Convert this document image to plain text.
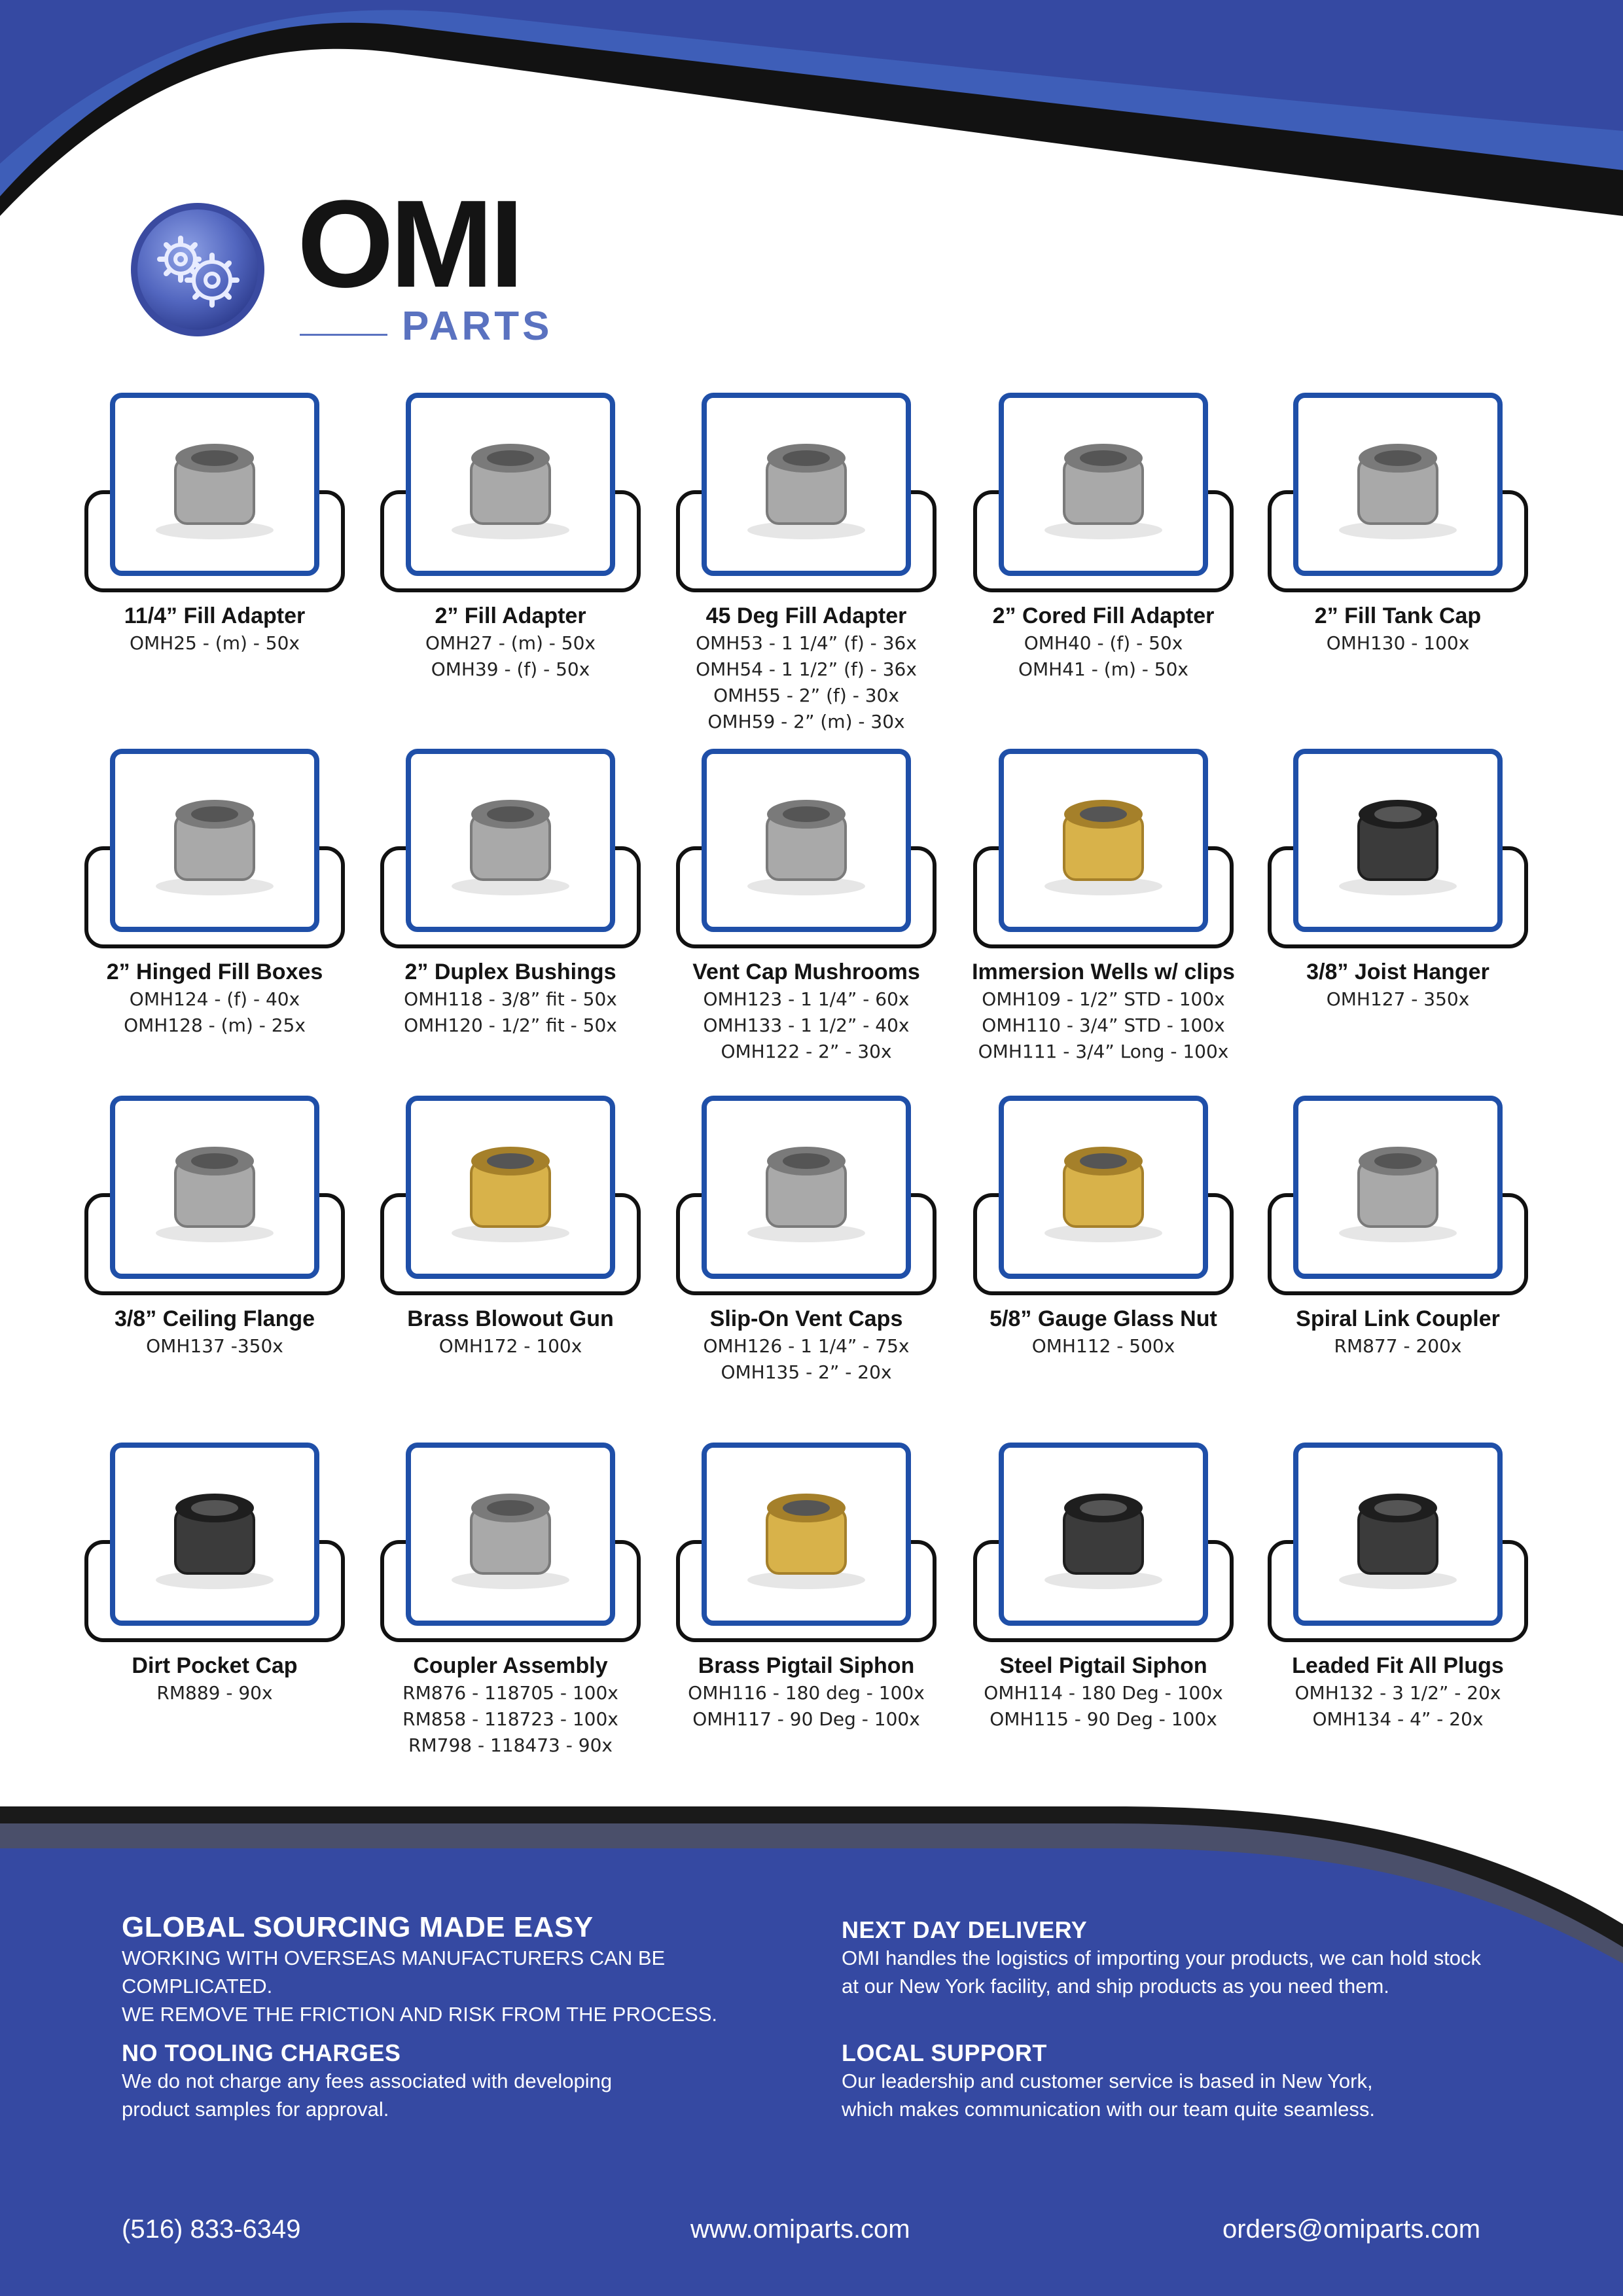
OMI
PARTS
11/4” Fill Adapter
OMH25 - (m) - 50x
2” Fill Adapter
OMH27 - (m) - 50x
OMH39 - (f) - 50x
45 Deg Fill Adapter
OMH53 - 1 1/4” (f) - 36x
OMH54 - 1 1/2” (f) - 36x
OMH55 - 2” (f) - 30x
OMH59 - 2” (m) - 30x
2” Cored Fill Adapter
OMH40 - (f) - 50x
OMH41 - (m) - 50x
2” Fill Tank Cap
OMH130 - 100x
2” Hinged Fill Boxes
OMH124 - (f) - 40x
OMH128 - (m) - 25x
2” Duplex Bushings
OMH118 - 3/8” fit - 50x
OMH120 - 1/2” fit - 50x
Vent Cap Mushrooms
OMH123 - 1 1/4” - 60x
OMH133 - 1 1/2” - 40x
OMH122 - 2” - 30x
Immersion Wells w/ clips
OMH109 - 1/2” STD - 100x
OMH110 - 3/4” STD - 100x
OMH111 - 3/4” Long - 100x
3/8” Joist Hanger
OMH127 - 350x
3/8” Ceiling Flange
OMH137 -350x
Brass Blowout Gun
OMH172 - 100x
Slip-On Vent Caps
OMH126 - 1 1/4” - 75x
OMH135 - 2” - 20x
5/8” Gauge Glass Nut
OMH112 - 500x
Spiral Link Coupler
RM877 - 200x
Dirt Pocket Cap
RM889 - 90x
Coupler Assembly
RM876 - 118705 - 100x
RM858 - 118723 - 100x
RM798 - 118473 - 90x
Brass Pigtail Siphon
OMH116 - 180 deg - 100x
OMH117 - 90 Deg - 100x
Steel Pigtail Siphon
OMH114 - 180 Deg - 100x
OMH115 - 90 Deg - 100x
Leaded Fit All Plugs
OMH132 - 3 1/2” - 20x
OMH134 - 4” - 20x
GLOBAL SOURCING MADE EASY
WORKING WITH OVERSEAS MANUFACTURERS CAN BE COMPLICATED.
WE REMOVE THE FRICTION AND RISK FROM THE PROCESS.
NEXT DAY DELIVERY
OMI handles the logistics of importing your products, we can hold stock
at our New York facility, and ship products as you need them.
NO TOOLING CHARGES
We do not charge any fees associated with developing
product samples for approval.
LOCAL SUPPORT
Our leadership and customer service is based in New York,
which makes communication with our team quite seamless.
(516) 833-6349	www.omiparts.com	orders@omiparts.com
